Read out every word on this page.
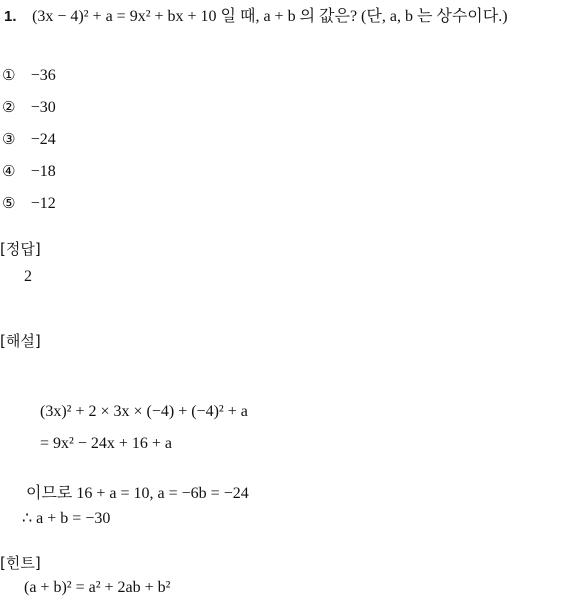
1. (3x − 4)² + a = 9x² + bx + 10 일 때, a + b 의 값은? (단, a, b 는 상수이다.)
① −36
② −30
③ −24
④ −18
⑤ −12
[정답]
2
[해설]
(3x)² + 2 × 3x × (−4) + (−4)² + a
= 9x² − 24x + 16 + a
이므로 16 + a = 10, a = −6b = −24
∴ a + b = −30
[힌트]
(a + b)² = a² + 2ab + b²
